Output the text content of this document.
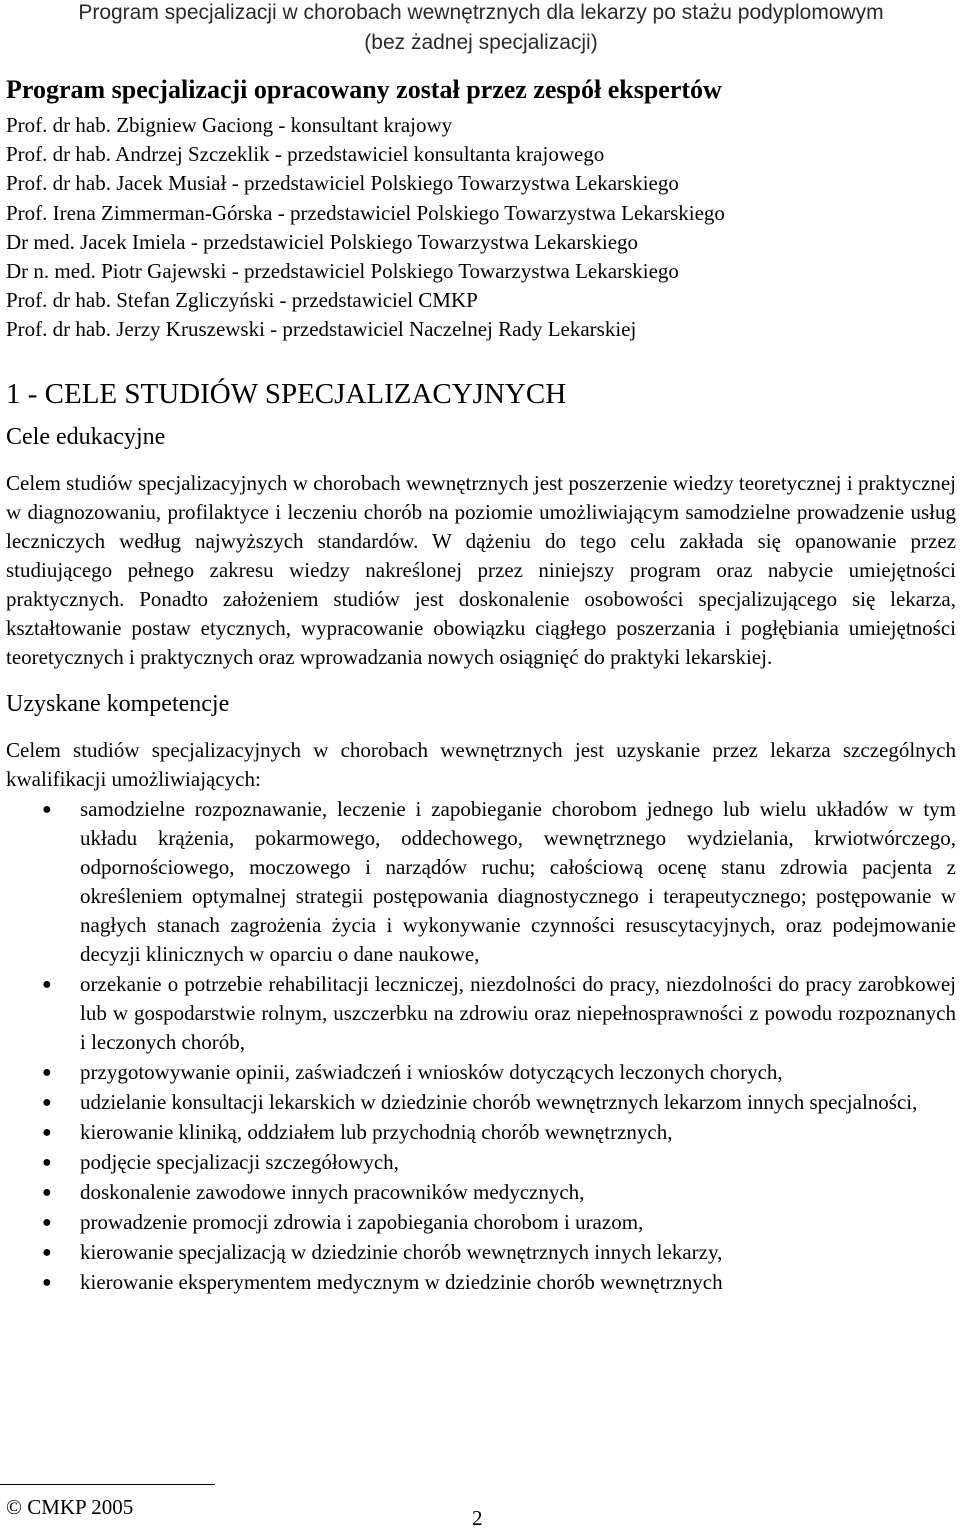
Program specjalizacji w chorobach wewnętrznych dla lekarzy po stażu podyplomowym
(bez żadnej specjalizacji)
Program specjalizacji opracowany został przez zespół ekspertów
Prof. dr hab. Zbigniew Gaciong - konsultant krajowy
Prof. dr hab. Andrzej Szczeklik - przedstawiciel konsultanta krajowego
Prof. dr hab. Jacek Musiał - przedstawiciel Polskiego Towarzystwa Lekarskiego
Prof. Irena Zimmerman-Górska - przedstawiciel Polskiego Towarzystwa Lekarskiego
Dr med. Jacek Imiela - przedstawiciel Polskiego Towarzystwa Lekarskiego
Dr n. med. Piotr Gajewski - przedstawiciel Polskiego Towarzystwa Lekarskiego
Prof. dr hab. Stefan Zgliczyński - przedstawiciel CMKP
Prof. dr hab. Jerzy Kruszewski - przedstawiciel Naczelnej Rady Lekarskiej
1 - CELE STUDIÓW SPECJALIZACYJNYCH
Cele edukacyjne

Celem studiów specjalizacyjnych w chorobach wewnętrznych jest poszerzenie wiedzy teoretycznej i praktycznej w diagnozowaniu, profilaktyce i leczeniu chorób na poziomie umożliwiającym samodzielne prowadzenie usług leczniczych według najwyższych standardów. W dążeniu do tego celu zakłada się opanowanie przez studiującego pełnego zakresu wiedzy nakreślonej przez niniejszy program oraz nabycie umiejętności praktycznych. Ponadto założeniem studiów jest doskonalenie osobowości specjalizującego się lekarza, kształtowanie postaw etycznych, wypracowanie obowiązku ciągłego poszerzania i pogłębiania umiejętności teoretycznych i praktycznych oraz wprowadzania nowych osiągnięć do praktyki lekarskiej.

Uzyskane kompetencje
Celem studiów specjalizacyjnych w chorobach wewnętrznych jest uzyskanie przez lekarza szczególnych kwalifikacji umożliwiających:
● samodzielne rozpoznawanie, leczenie i zapobieganie chorobom jednego lub wielu układów w tym układu krążenia, pokarmowego, oddechowego, wewnętrznego wydzielania, krwiotwórczego, odpornościowego, moczowego i narządów ruchu; całościową ocenę stanu zdrowia pacjenta z określeniem optymalnej strategii postępowania diagnostycznego i terapeutycznego; postępowanie w nagłych stanach zagrożenia życia i wykonywanie czynności resuscytacyjnych, oraz podejmowanie decyzji klinicznych w oparciu o dane naukowe,
● orzekanie o potrzebie rehabilitacji leczniczej, niezdolności do pracy, niezdolności do pracy zarobkowej lub w gospodarstwie rolnym, uszczerbku na zdrowiu oraz niepełnosprawności z powodu rozpoznanych i leczonych chorób,
● przygotowywanie opinii, zaświadczeń i wniosków dotyczących leczonych chorych,
● udzielanie konsultacji lekarskich w dziedzinie chorób wewnętrznych lekarzom innych specjalności,
● kierowanie kliniką, oddziałem lub przychodnią chorób wewnętrznych,
● podjęcie specjalizacji szczegółowych,
● doskonalenie zawodowe innych pracowników medycznych,
● prowadzenie promocji zdrowia i zapobiegania chorobom i urazom,
● kierowanie specjalizacją w dziedzinie chorób wewnętrznych innych lekarzy,
● kierowanie eksperymentem medycznym w dziedzinie chorób wewnętrznych
© CMKP 2005	2
